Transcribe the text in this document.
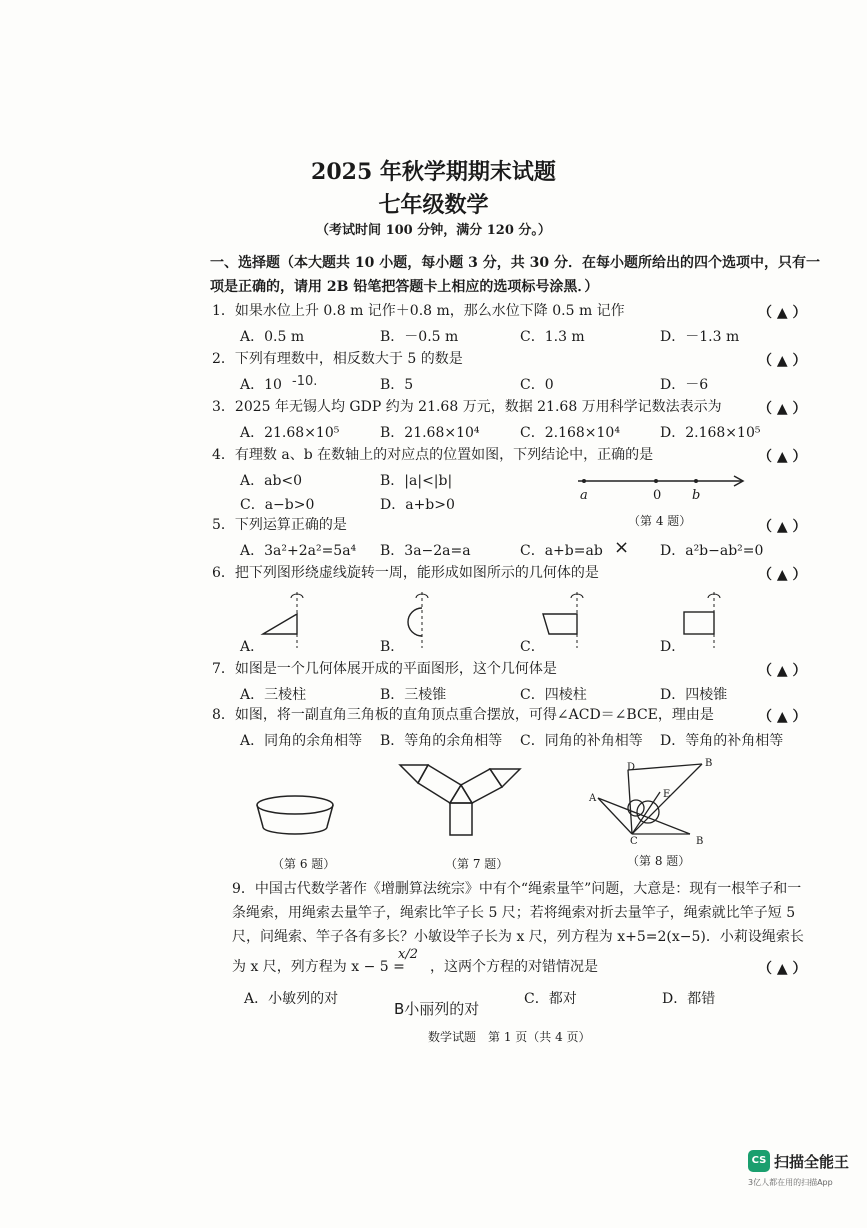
2025 年秋学期期末试题
七年级数学
（考试时间 100 分钟，满分 120 分。）
一、选择题（本大题共 10 小题，每小题 3 分，共 30 分．在每小题所给出的四个选项中，只有一
项是正确的，请用 2B 铅笔把答题卡上相应的选项标号涂黑．）
1．如果水位上升 0.8 m 记作＋0.8 m，那么水位下降 0.5 m 记作	（ ▲ ）
A．0.5 m	B．－0.5 m	C．1.3 m	D．－1.3 m
2．下列有理数中，相反数大于 5 的数是	（ ▲ ）
A．10 -10.	B．5	C．0	D．－6
3．2025 年无锡人均 GDP 约为 21.68 万元，数据 21.68 万用科学记数法表示为	（ ▲ ）
A．21.68×10⁵	B．21.68×10⁴	C．2.168×10⁴	D．2.168×10⁵
4．有理数 a、b 在数轴上的对应点的位置如图，下列结论中，正确的是	（ ▲ ）
A．ab<0	B．|a|<|b|
C．a−b>0	D．a+b>0
a	0 b
（第 4 题）
5．下列运算正确的是	（ ▲ ）
A．3a²+2a²=5a⁴ B．3a−2a=a	C．a+b=ab × D．a²b−ab²=0
6．把下列图形绕虚线旋转一周，能形成如图所示的几何体的是	（ ▲ ）
A．	B．	C．	D．
7．如图是一个几何体展开成的平面图形，这个几何体是	（ ▲ ）
A．三棱柱	B．三棱锥	C．四棱柱	D．四棱锥
8．如图，将一副直角三角板的直角顶点重合摆放，可得∠ACD＝∠BCE，理由是	（ ▲ ）
A．同角的余角相等 B．等角的余角相等 C．同角的补角相等 D．等角的补角相等
（第 6 题）	（第 7 题）
D	B
A	E
C	B
（第 8 题）
9．中国古代数学著作《增删算法统宗》中有个“绳索量竿”问题，大意是：现有一根竿子和一
条绳索，用绳索去量竿子，绳索比竿子长 5 尺；若将绳索对折去量竿子，绳索就比竿子短 5
尺，问绳索、竿子各有多长？小敏设竿子长为 x 尺，列方程为 x+5=2(x−5)．小莉设绳索长
为 x 尺，列方程为 x − 5 =
x/2
，这两个方程的对错情况是	（ ▲ ）
A．小敏列的对
B小丽列的对
C．都对	D．都错
数学试题　第 1 页（共 4 页）
CS 扫描全能王
3亿人都在用的扫描App
